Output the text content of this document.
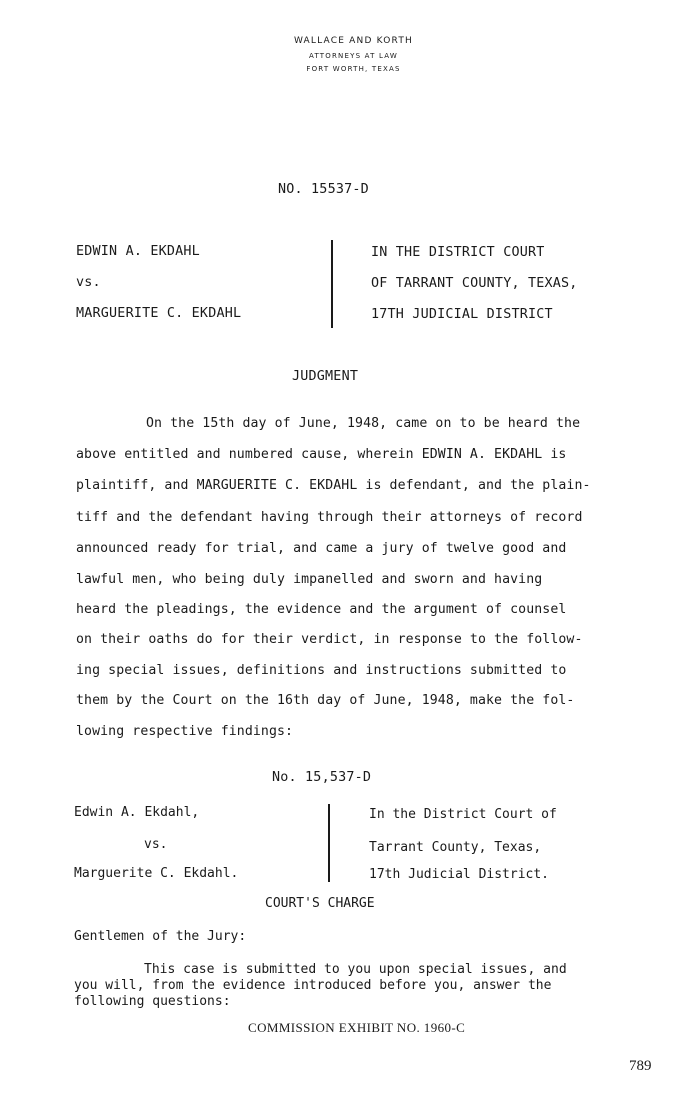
WALLACE AND KORTH
ATTORNEYS AT LAW
FORT WORTH, TEXAS
NO. 15537-D
EDWIN A. EKDAHL
vs.
MARGUERITE C. EKDAHL
IN THE DISTRICT COURT
OF TARRANT COUNTY, TEXAS,
17TH JUDICIAL DISTRICT
JUDGMENT
On the 15th day of June, 1948, came on to be heard the
above entitled and numbered cause, wherein EDWIN A. EKDAHL is
plaintiff, and MARGUERITE C. EKDAHL is defendant, and the plain-
tiff and the defendant having through their attorneys of record
announced ready for trial, and came a jury of twelve good and
lawful men, who being duly impanelled and sworn and having
heard the pleadings, the evidence and the argument of counsel
on their oaths do for their verdict, in response to the follow-
ing special issues, definitions and instructions submitted to
them by the Court on the 16th day of June, 1948, make the fol-
lowing respective findings:
No. 15,537-D
Edwin A. Ekdahl,
vs.
Marguerite C. Ekdahl.
In the District Court of
Tarrant County, Texas,
17th Judicial District.
COURT'S CHARGE
Gentlemen of the Jury:
This case is submitted to you upon special issues, and
you will, from the evidence introduced before you, answer the
following questions:
COMMISSION EXHIBIT NO. 1960-C
789
